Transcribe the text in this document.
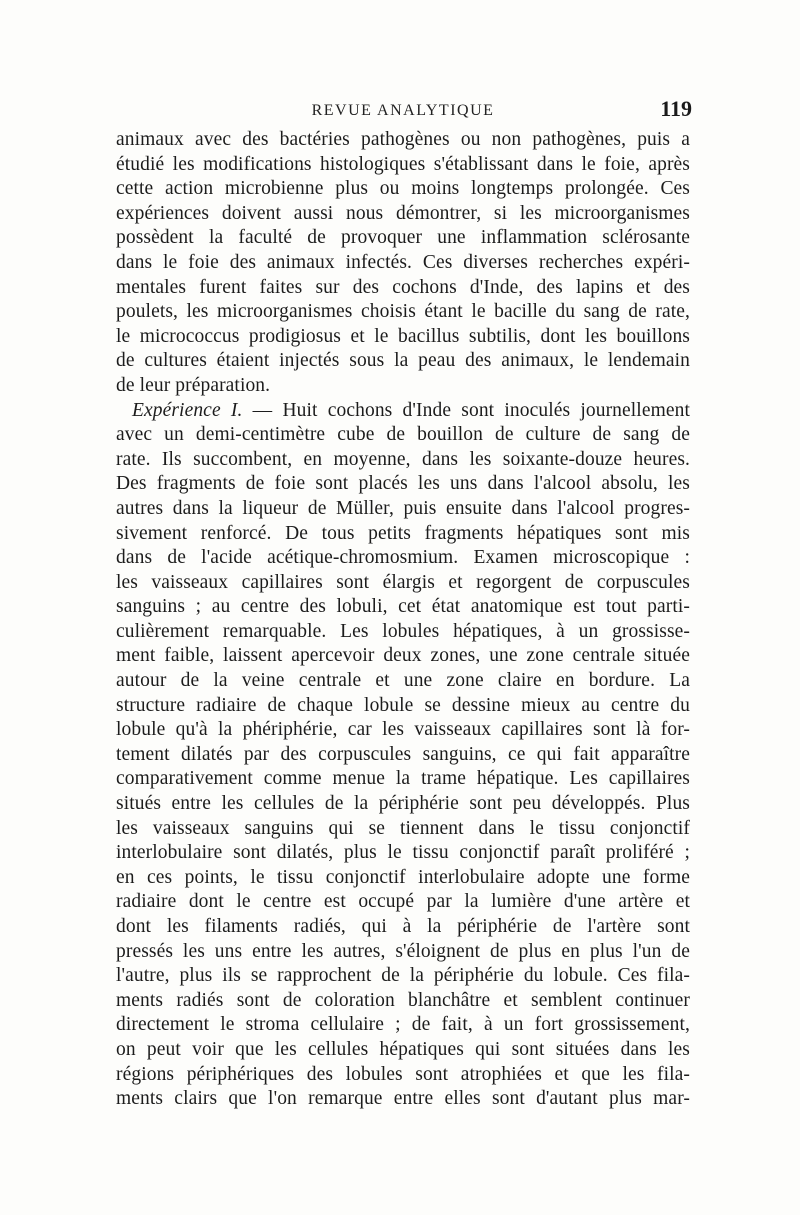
REVUE ANALYTIQUE	119
animaux avec des bactéries pathogènes ou non pathogènes, puis a
étudié les modifications histologiques s'établissant dans le foie, après
cette action microbienne plus ou moins longtemps prolongée. Ces
expériences doivent aussi nous démontrer, si les microorganismes
possèdent la faculté de provoquer une inflammation sclérosante
dans le foie des animaux infectés. Ces diverses recherches expéri-
mentales furent faites sur des cochons d'Inde, des lapins et des
poulets, les microorganismes choisis étant le bacille du sang de rate,
le micrococcus prodigiosus et le bacillus subtilis, dont les bouillons
de cultures étaient injectés sous la peau des animaux, le lendemain
de leur préparation.
Expérience I. — Huit cochons d'Inde sont inoculés journellement
avec un demi-centimètre cube de bouillon de culture de sang de
rate. Ils succombent, en moyenne, dans les soixante-douze heures.
Des fragments de foie sont placés les uns dans l'alcool absolu, les
autres dans la liqueur de Müller, puis ensuite dans l'alcool progres-
sivement renforcé. De tous petits fragments hépatiques sont mis
dans de l'acide acétique-chromosmium. Examen microscopique :
les vaisseaux capillaires sont élargis et regorgent de corpuscules
sanguins ; au centre des lobuli, cet état anatomique est tout parti-
culièrement remarquable. Les lobules hépatiques, à un grossisse-
ment faible, laissent apercevoir deux zones, une zone centrale située
autour de la veine centrale et une zone claire en bordure. La
structure radiaire de chaque lobule se dessine mieux au centre du
lobule qu'à la phériphérie, car les vaisseaux capillaires sont là for-
tement dilatés par des corpuscules sanguins, ce qui fait apparaître
comparativement comme menue la trame hépatique. Les capillaires
situés entre les cellules de la périphérie sont peu développés. Plus
les vaisseaux sanguins qui se tiennent dans le tissu conjonctif
interlobulaire sont dilatés, plus le tissu conjonctif paraît proliféré ;
en ces points, le tissu conjonctif interlobulaire adopte une forme
radiaire dont le centre est occupé par la lumière d'une artère et
dont les filaments radiés, qui à la périphérie de l'artère sont
pressés les uns entre les autres, s'éloignent de plus en plus l'un de
l'autre, plus ils se rapprochent de la périphérie du lobule. Ces fila-
ments radiés sont de coloration blanchâtre et semblent continuer
directement le stroma cellulaire ; de fait, à un fort grossissement,
on peut voir que les cellules hépatiques qui sont situées dans les
régions périphériques des lobules sont atrophiées et que les fila-
ments clairs que l'on remarque entre elles sont d'autant plus mar-
